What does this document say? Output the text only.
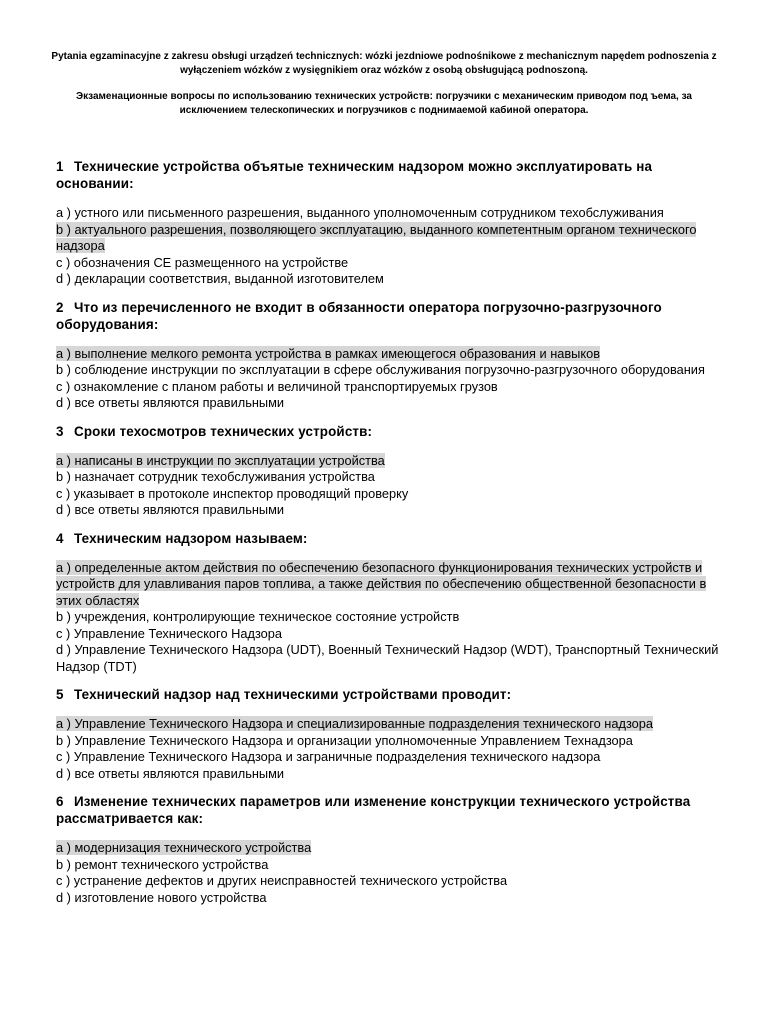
Pytania egzaminacyjne z zakresu obsługi urządzeń technicznych: wózki jezdniowe podnośnikowe z mechanicznym napędem podnoszenia z wyłączeniem wózków z wysięgnikiem oraz wózków z osobą obsługującą podnoszoną.
Экзаменационные вопросы по использованию технических устройств: погрузчики с механическим приводом под ъема, за исключением телескопических и погрузчиков с поднимаемой кабиной оператора.
1 Технические устройства объятые техническим надзором можно эксплуатировать на основании:
a ) устного или письменного разрешения, выданного уполномоченным сотрудником техобслуживания
b ) актуального разрешения, позволяющего эксплуатацию, выданного компетентным органом технического надзора
c ) обозначения CE размещенного на устройстве
d ) декларации соответствия, выданной изготовителем
2 Что из перечисленного не входит в обязанности оператора погрузочно-разгрузочного оборудования:
a ) выполнение мелкого ремонта устройства в рамках имеющегося образования и навыков
b ) соблюдение инструкции по эксплуатации в сфере обслуживания погрузочно-разгрузочного оборудования
c ) ознакомление с планом работы и величиной транспортируемых грузов
d ) все ответы являются правильными
3 Сроки техосмотров технических устройств:
a ) написаны в инструкции по эксплуатации устройства
b ) назначает сотрудник техобслуживания устройства
c ) указывает в протоколе инспектор проводящий проверку
d ) все ответы являются правильными
4 Техническим надзором называем:
a ) определенные актом действия по обеспечению безопасного функционирования технических устройств и устройств для улавливания паров топлива, а также действия по обеспечению общественной безопасности в этих областях
b ) учреждения, контролирующие техническое состояние устройств
c ) Управление Технического Надзора
d ) Управление Технического Надзора (UDT), Военный Технический Надзор (WDT), Транспортный Технический Надзор (TDT)
5 Технический надзор над техническими устройствами проводит:
a ) Управление Технического Надзора и специализированные подразделения технического надзора
b ) Управление Технического Надзора и организации уполномоченные Управлением Технадзора
c ) Управление Технического Надзора и заграничные подразделения технического надзора
d ) все ответы являются правильными
6 Изменение технических параметров или изменение конструкции технического устройства рассматривается как:
a ) модернизация технического устройства
b ) ремонт технического устройства
c ) устранение дефектов и других неисправностей технического устройства
d ) изготовление нового устройства
